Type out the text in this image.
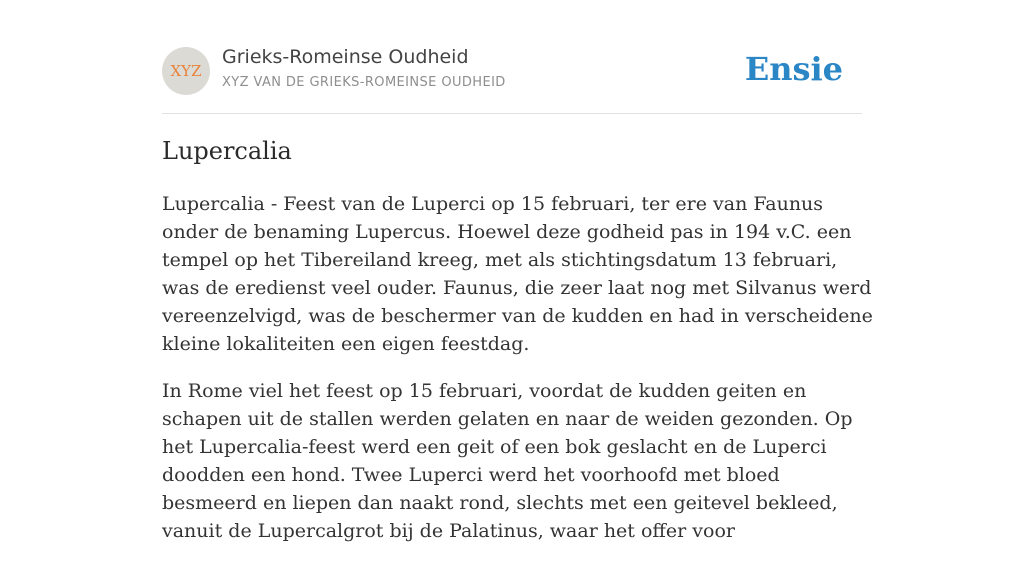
XYZ
Grieks-Romeinse Oudheid
XYZ VAN DE GRIEKS-ROMEINSE OUDHEID	Ensie
Lupercalia

Lupercalia - Feest van de Luperci op 15 februari, ter ere van Faunus onder de benaming Lupercus. Hoewel deze godheid pas in 194 v.C. een tempel op het Tibereiland kreeg, met als stichtingsdatum 13 februari, was de eredienst veel ouder. Faunus, die zeer laat nog met Silvanus werd vereenzelvigd, was de beschermer van de kudden en had in verscheidene kleine lokaliteiten een eigen feestdag.

In Rome viel het feest op 15 februari, voordat de kudden geiten en schapen uit de stallen werden gelaten en naar de weiden gezonden. Op het Lupercalia-feest werd een geit of een bok geslacht en de Luperci doodden een hond. Twee Luperci werd het voorhoofd met bloed besmeerd en liepen dan naakt rond, slechts met een geitevel bekleed, vanuit de Lupercalgrot bij de Palatinus, waar het offer voor
